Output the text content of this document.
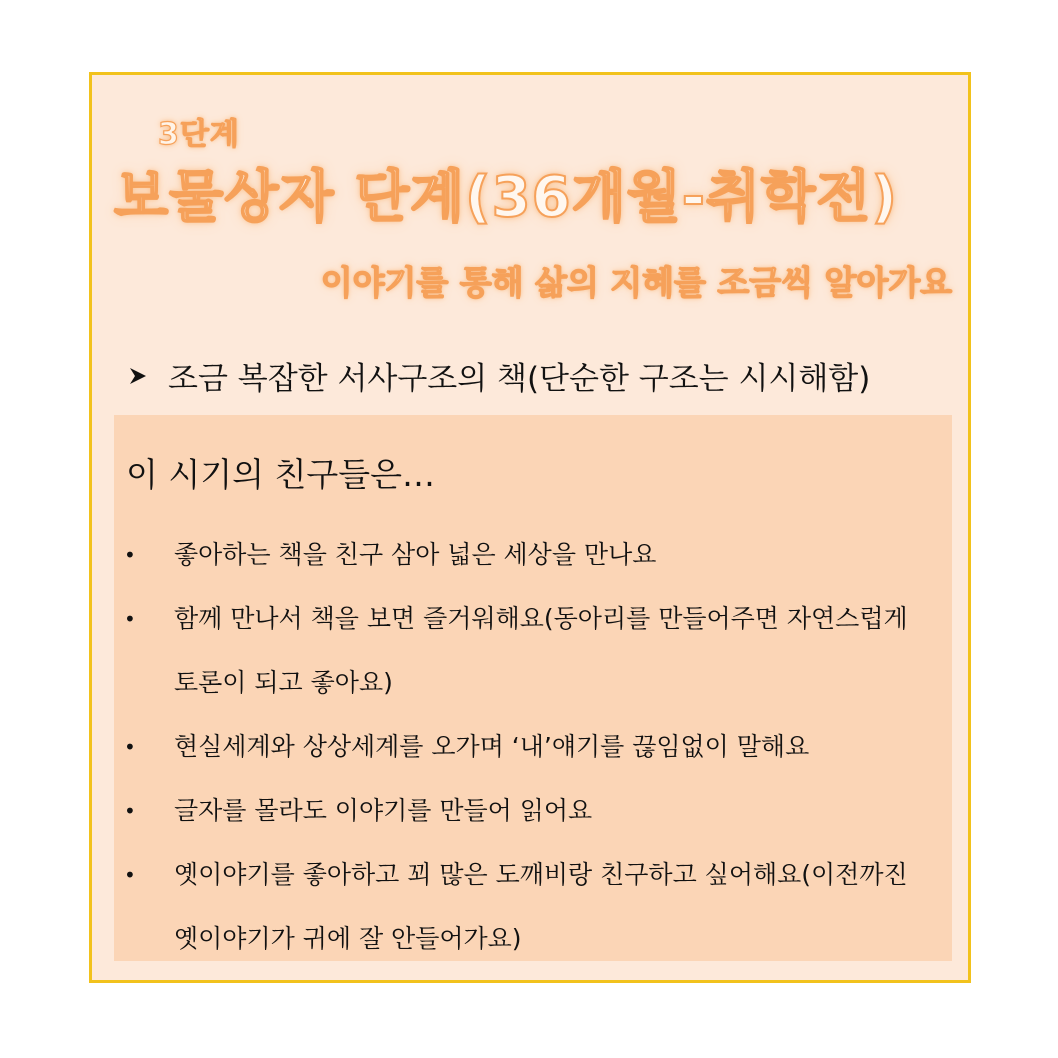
3단계
보물상자 단계(36개월-취학전)
이야기를 통해 삶의 지혜를 조금씩 알아가요
조금 복잡한 서사구조의 책(단순한 구조는 시시해함)
이 시기의 친구들은…
• 좋아하는 책을 친구 삼아 넓은 세상을 만나요
• 함께 만나서 책을 보면 즐거워해요(동아리를 만들어주면 자연스럽게
토론이 되고 좋아요)
• 현실세계와 상상세계를 오가며 ‘내’얘기를 끊임없이 말해요
• 글자를 몰라도 이야기를 만들어 읽어요
• 옛이야기를 좋아하고 꾀 많은 도깨비랑 친구하고 싶어해요(이전까진
옛이야기가 귀에 잘 안들어가요)
